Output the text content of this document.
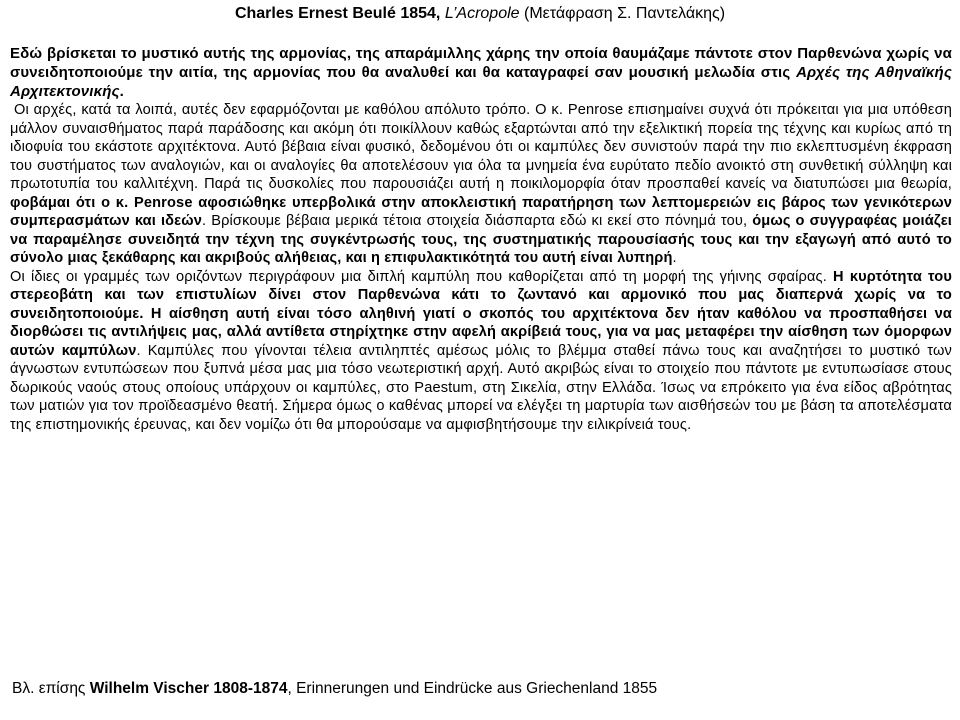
Charles Ernest Beulé 1854, L’Acropole (Μετάφραση Σ. Παντελάκης)

Εδώ βρίσκεται το μυστικό αυτής της αρμονίας, της απαράμιλλης χάρης την οποία θαυμάζαμε πάντοτε στον Παρθενώνα χωρίς να συνειδητοποιούμε την αιτία, της αρμονίας που θα αναλυθεί και θα καταγραφεί σαν μουσική μελωδία στις Αρχές της Αθηναϊκής Αρχιτεκτονικής.

Οι αρχές, κατά τα λοιπά, αυτές δεν εφαρμόζονται με καθόλου απόλυτο τρόπο. Ο κ. Penrose επισημαίνει συχνά ότι πρόκειται για μια υπόθεση μάλλον συναισθήματος παρά παράδοσης και ακόμη ότι ποικίλλουν καθώς εξαρτώνται από την εξελικτική πορεία της τέχνης και κυρίως από τη ιδιοφυία του εκάστοτε αρχιτέκτονα. Αυτό βέβαια είναι φυσικό, δεδομένου ότι οι καμπύλες δεν συνιστούν παρά την πιο εκλεπτυσμένη έκφραση του συστήματος των αναλογιών, και οι αναλογίες θα αποτελέσουν για όλα τα μνημεία ένα ευρύτατο πεδίο ανοικτό στη συνθετική σύλληψη και πρωτοτυπία του καλλιτέχνη. Παρά τις δυσκολίες που παρουσιάζει αυτή η ποικιλομορφία όταν προσπαθεί κανείς να διατυπώσει μια θεωρία, φοβάμαι ότι ο κ. Penrose αφοσιώθηκε υπερβολικά στην αποκλειστική παρατήρηση των λεπτομερειών εις βάρος των γενικότερων συμπερασμάτων και ιδεών. Βρίσκουμε βέβαια μερικά τέτοια στοιχεία διάσπαρτα εδώ κι εκεί στο πόνημά του, όμως ο συγγραφέας μοιάζει να παραμέλησε συνειδητά την τέχνη της συγκέντρωσής τους, της συστηματικής παρουσίασής τους και την εξαγωγή από αυτό το σύνολο μιας ξεκάθαρης και ακριβούς αλήθειας, και η επιφυλακτικότητά του αυτή είναι λυπηρή.

Οι ίδιες οι γραμμές των οριζόντων περιγράφουν μια διπλή καμπύλη που καθορίζεται από τη μορφή της γήινης σφαίρας. Η κυρτότητα του στερεοβάτη και των επιστυλίων δίνει στον Παρθενώνα κάτι το ζωντανό και αρμονικό που μας διαπερνά χωρίς να το συνειδητοποιούμε. Η αίσθηση αυτή είναι τόσο αληθινή γιατί ο σκοπός του αρχιτέκτονα δεν ήταν καθόλου να προσπαθήσει να διορθώσει τις αντιλήψεις μας, αλλά αντίθετα στηρίχτηκε στην αφελή ακρίβειά τους, για να μας μεταφέρει την αίσθηση των όμορφων αυτών καμπύλων. Καμπύλες που γίνονται τέλεια αντιληπτές αμέσως μόλις το βλέμμα σταθεί πάνω τους και αναζητήσει το μυστικό των άγνωστων εντυπώσεων που ξυπνά μέσα μας μια τόσο νεωτεριστική αρχή. Αυτό ακριβώς είναι το στοιχείο που πάντοτε με εντυπωσίασε στους δωρικούς ναούς στους οποίους υπάρχουν οι καμπύλες, στο Paestum, στη Σικελία, στην Ελλάδα. Ίσως να επρόκειτο για ένα είδος αβρότητας των ματιών για τον προϊδεασμένο θεατή. Σήμερα όμως ο καθένας μπορεί να ελέγξει τη μαρτυρία των αισθήσεών του με βάση τα αποτελέσματα της επιστημονικής έρευνας, και δεν νομίζω ότι θα μπορούσαμε να αμφισβητήσουμε την ειλικρίνειά τους.

Βλ. επίσης Wilhelm Vischer 1808-1874, Erinnerungen und Eindrücke aus Griechenland 1855
